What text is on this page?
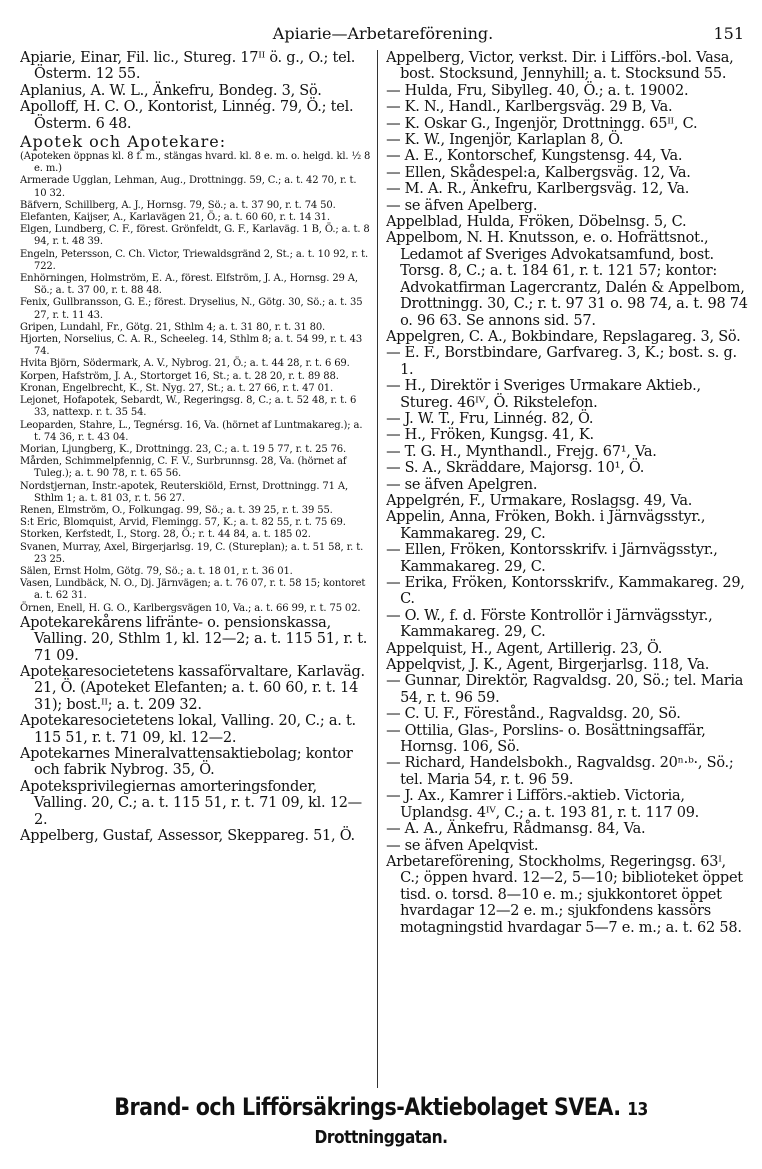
Apiarie—Arbetareförening.	151

Apiarie, Einar, Fil. lic., Stureg. 17ᴵᴵ ö. g., Ö.; tel. Österm. 12 55.

Aplanius, A. W. L., Änkefru, Bondeg. 3, Sö.

Apolloff, H. C. O., Kontorist, Linnég. 79, Ö.; tel. Österm. 6 48.

Apotek och Apotekare:

(Apoteken öppnas kl. 8 f. m., stängas hvard. kl. 8 e. m. o. helgd. kl. ½ 8 e. m.)

Armerade Ugglan, Lehman, Aug., Drottningg. 59, C.; a. t. 42 70, r. t. 10 32.

Bäfvern, Schillberg, A. J., Hornsg. 79, Sö.; a. t. 37 90, r. t. 74 50.

Elefanten, Kaijser, A., Karlavägen 21, Ö.; a. t. 60 60, r. t. 14 31.

Elgen, Lundberg, C. F., förest. Grönfeldt, G. F., Karlaväg. 1 B, Ö.; a. t. 8 94, r. t. 48 39.

Engeln, Petersson, C. Ch. Victor, Triewaldsgränd 2, St.; a. t. 10 92, r. t. 722.

Enhörningen, Holmström, E. A., förest. Elfström, J. A., Hornsg. 29 A, Sö.; a. t. 37 00, r. t. 88 48.

Fenix, Gullbransson, G. E.; förest. Dryselius, N., Götg. 30, Sö.; a. t. 35 27, r. t. 11 43.

Gripen, Lundahl, Fr., Götg. 21, Sthlm 4; a. t. 31 80, r. t. 31 80.

Hjorten, Norselius, C. A. R., Scheeleg. 14, Sthlm 8; a. t. 54 99, r. t. 43 74.

Hvita Björn, Södermark, A. V., Nybrog. 21, Ö.; a. t. 44 28, r. t. 6 69.

Korpen, Hafström, J. A., Stortorget 16, St.; a. t. 28 20, r. t. 89 88.

Kronan, Engelbrecht, K., St. Nyg. 27, St.; a. t. 27 66, r. t. 47 01.

Lejonet, Hofapotek, Sebardt, W., Regeringsg. 8, C.; a. t. 52 48, r. t. 6 33, nattexp. r. t. 35 54.

Leoparden, Stahre, L., Tegnérsg. 16, Va. (hörnet af Luntmakareg.); a. t. 74 36, r. t. 43 04.

Morian, Ljungberg, K., Drottningg. 23, C.; a. t. 19 5 77, r. t. 25 76.

Mården, Schimmelpfennig, C. F. V., Surbrunnsg. 28, Va. (hörnet af Tuleg.); a. t. 90 78, r. t. 65 56.

Nordstjernan, Instr.-apotek, Reuterskiöld, Ernst, Drottningg. 71 A, Sthlm 1; a. t. 81 03, r. t. 56 27.

Renen, Elmström, O., Folkungag. 99, Sö.; a. t. 39 25, r. t. 39 55.

S:t Eric, Blomquist, Arvid, Flemingg. 57, K.; a. t. 82 55, r. t. 75 69.

Storken, Kerfstedt, I., Storg. 28, Ö.; r. t. 44 84, a. t. 185 02.

Svanen, Murray, Axel, Birgerjarlsg. 19, C. (Stureplan); a. t. 51 58, r. t. 23 25.

Sälen, Ernst Holm, Götg. 79, Sö.; a. t. 18 01, r. t. 36 01.

Vasen, Lundbäck, N. O., Dj. Järnvägen; a. t. 76 07, r. t. 58 15; kontoret a. t. 62 31.

Örnen, Enell, H. G. O., Karlbergsvägen 10, Va.; a. t. 66 99, r. t. 75 02.

Apotekarekårens lifränte- o. pensionskassa, Valling. 20, Sthlm 1, kl. 12—2; a. t. 115 51, r. t. 71 09.

Apotekaresocietetens kassaförvaltare, Karlaväg. 21, Ö. (Apoteket Elefanten; a. t. 60 60, r. t. 14 31); bost.ᴵᴵ; a. t. 209 32.

Apotekaresocietetens lokal, Valling. 20, C.; a. t. 115 51, r. t. 71 09, kl. 12—2.

Apotekarnes Mineralvattensaktiebolag; kontor och fabrik Nybrog. 35, Ö.

Apoteksprivilegiernas amorteringsfonder, Valling. 20, C.; a. t. 115 51, r. t. 71 09, kl. 12—2.

Appelberg, Gustaf, Assessor, Skeppareg. 51, Ö.

Appelberg, Victor, verkst. Dir. i Lifförs.-bol. Vasa, bost. Stocksund, Jennyhill; a. t. Stocksund 55.

— Hulda, Fru, Sibylleg. 40, Ö.; a. t. 19002.

— K. N., Handl., Karlbergsväg. 29 B, Va.

— K. Oskar G., Ingenjör, Drottningg. 65ᴵᴵ, C.

— K. W., Ingenjör, Karlaplan 8, Ö.

— A. E., Kontorschef, Kungstensg. 44, Va.

— Ellen, Skådespel:a, Kalbergsväg. 12, Va.

— M. A. R., Änkefru, Karlbergsväg. 12, Va.

— se äfven Apelberg.

Appelblad, Hulda, Fröken, Döbelnsg. 5, C.

Appelbom, N. H. Knutsson, e. o. Hofrättsnot., Ledamot af Sveriges Advokatsamfund, bost. Torsg. 8, C.; a. t. 184 61, r. t. 121 57; kontor: Advokatfirman Lagercrantz, Dalén & Appelbom, Drottningg. 30, C.; r. t. 97 31 o. 98 74, a. t. 98 74 o. 96 63. Se annons sid. 57.

Appelgren, C. A., Bokbindare, Repslagareg. 3, Sö.

— E. F., Borstbindare, Garfvareg. 3, K.; bost. s. g. 1.

— H., Direktör i Sveriges Urmakare Aktieb., Stureg. 46ᴵⱽ, Ö. Rikstelefon.

— J. W. T., Fru, Linnég. 82, Ö.

— H., Fröken, Kungsg. 41, K.

— T. G. H., Mynthandl., Frejg. 67¹, Va.

— S. A., Skräddare, Majorsg. 10¹, Ö.

— se äfven Apelgren.

Appelgrén, F., Urmakare, Roslagsg. 49, Va.

Appelin, Anna, Fröken, Bokh. i Järnvägsstyr., Kammakareg. 29, C.

— Ellen, Fröken, Kontorsskrifv. i Järnvägsstyr., Kammakareg. 29, C.

— Erika, Fröken, Kontorsskrifv., Kammakareg. 29, C.

— O. W., f. d. Förste Kontrollör i Järnvägsstyr., Kammakareg. 29, C.

Appelquist, H., Agent, Artillerig. 23, Ö.

Appelqvist, J. K., Agent, Birgerjarlsg. 118, Va.

— Gunnar, Direktör, Ragvaldsg. 20, Sö.; tel. Maria 54, r. t. 96 59.

— C. U. F., Förestånd., Ragvaldsg. 20, Sö.

— Ottilia, Glas-, Porslins- o. Bosättningsaffär, Hornsg. 106, Sö.

— Richard, Handelsbokh., Ragvaldsg. 20ⁿ·ᵇ·, Sö.; tel. Maria 54, r. t. 96 59.

— J. Ax., Kamrer i Lifförs.-aktieb. Victoria, Uplandsg. 4ᴵⱽ, C.; a. t. 193 81, r. t. 117 09.

— A. A., Änkefru, Rådmansg. 84, Va.

— se äfven Apelqvist.

Arbetareförening, Stockholms, Regeringsg. 63ᴵ, C.; öppen hvard. 12—2, 5—10; biblioteket öppet tisd. o. torsd. 8—10 e. m.; sjukkontoret öppet hvardagar 12—2 e. m.; sjukfondens kassörs motagningstid hvardagar 5—7 e. m.; a. t. 62 58.

Brand- och Lifförsäkrings-Aktiebolaget SVEA. 13 Drottninggatan.
